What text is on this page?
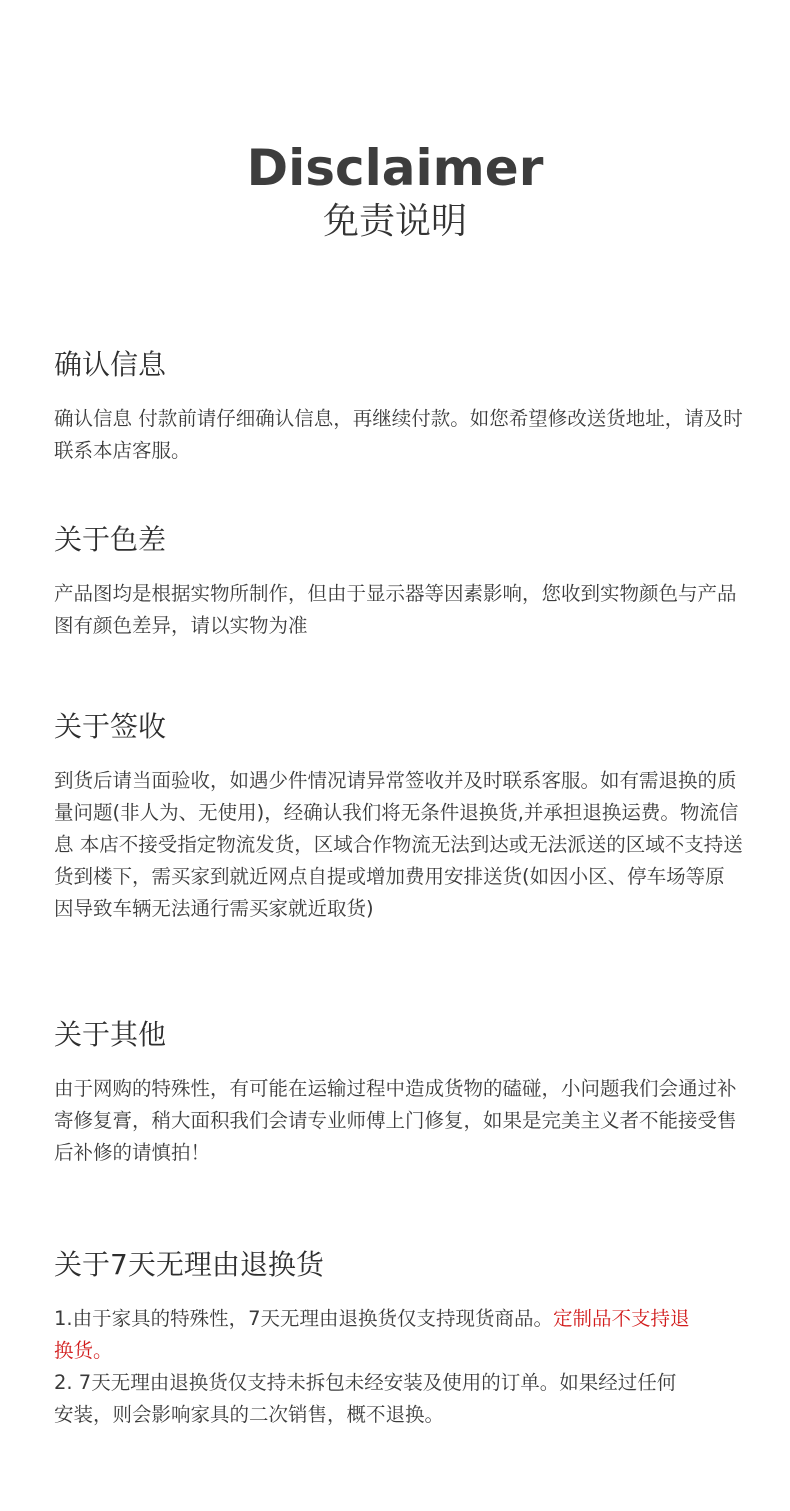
Disclaimer
免责说明
确认信息

确认信息 付款前请仔细确认信息，再继续付款。如您希望修改送货地址，请及时联系本店客服。

关于色差

产品图均是根据实物所制作，但由于显示器等因素影响，您收到实物颜色与产品图有颜色差异，请以实物为准

关于签收

到货后请当面验收，如遇少件情况请异常签收并及时联系客服。如有需退换的质量问题(非人为、无使用)，经确认我们将无条件退换货,并承担退换运费。物流信息 本店不接受指定物流发货，区域合作物流无法到达或无法派送的区域不支持送货到楼下，需买家到就近网点自提或增加费用安排送货(如因小区、停车场等原因导致车辆无法通行需买家就近取货)

关于其他

由于网购的特殊性，有可能在运输过程中造成货物的磕碰，小问题我们会通过补寄修复膏，稍大面积我们会请专业师傅上门修复，如果是完美主义者不能接受售后补修的请慎拍！

关于7天无理由退换货

1.由于家具的特殊性，7天无理由退换货仅支持现货商品。定制品不支持退换货。

2. 7天无理由退换货仅支持未拆包未经安装及使用的订单。如果经过任何安装，则会影响家具的二次销售，概不退换。
